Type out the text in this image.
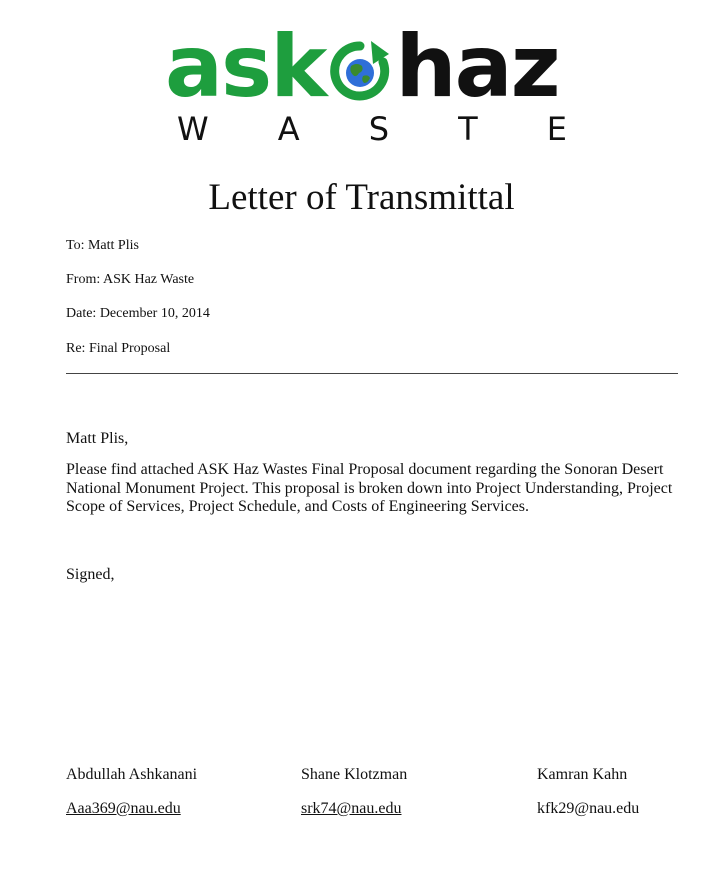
ask haz
W A S T E
Letter of Transmittal
To: Matt Plis
From: ASK Haz Waste
Date: December 10, 2014
Re: Final Proposal
Matt Plis,
Please find attached ASK Haz Wastes Final Proposal document regarding the Sonoran Desert National Monument Project. This proposal is broken down into Project Understanding, Project Scope of Services, Project Schedule, and Costs of Engineering Services.
Signed,
Abdullah Ashkanani	Shane Klotzman	Kamran Kahn
Aaa369@nau.edu	srk74@nau.edu	kfk29@nau.edu
